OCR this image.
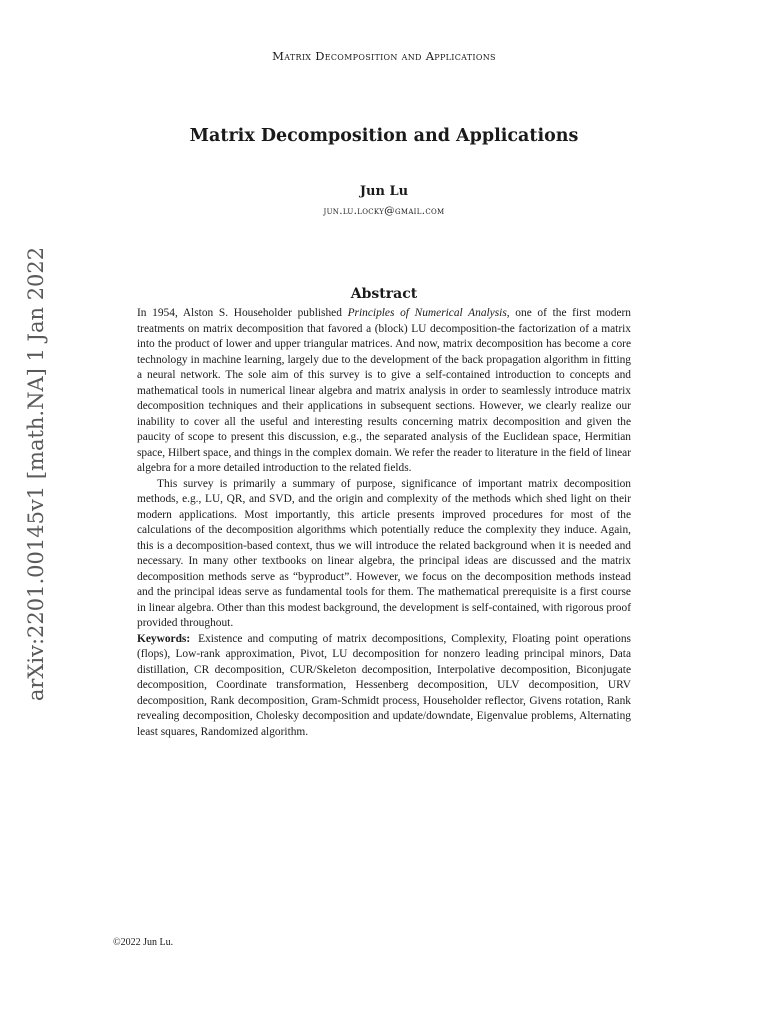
Matrix Decomposition and Applications
arXiv:2201.00145v1 [math.NA] 1 Jan 2022
Matrix Decomposition and Applications
Jun Lu
jun.lu.locky@gmail.com
Abstract

In 1954, Alston S. Householder published Principles of Numerical Analysis, one of the first modern treatments on matrix decomposition that favored a (block) LU decomposition-the factorization of a matrix into the product of lower and upper triangular matrices. And now, matrix decomposition has become a core technology in machine learning, largely due to the development of the back propagation algorithm in fitting a neural network. The sole aim of this survey is to give a self-contained introduction to concepts and mathematical tools in numerical linear algebra and matrix analysis in order to seamlessly introduce matrix decomposition techniques and their applications in subsequent sections. However, we clearly realize our inability to cover all the useful and interesting results concerning matrix decomposition and given the paucity of scope to present this discussion, e.g., the separated analysis of the Euclidean space, Hermitian space, Hilbert space, and things in the complex domain. We refer the reader to literature in the field of linear algebra for a more detailed introduction to the related fields.

This survey is primarily a summary of purpose, significance of important matrix decomposition methods, e.g., LU, QR, and SVD, and the origin and complexity of the methods which shed light on their modern applications. Most importantly, this article presents improved procedures for most of the calculations of the decomposition algorithms which potentially reduce the complexity they induce. Again, this is a decomposition-based context, thus we will introduce the related background when it is needed and necessary. In many other textbooks on linear algebra, the principal ideas are discussed and the matrix decomposition methods serve as “byproduct”. However, we focus on the decomposition methods instead and the principal ideas serve as fundamental tools for them. The mathematical prerequisite is a first course in linear algebra. Other than this modest background, the development is self-contained, with rigorous proof provided throughout.

Keywords: Existence and computing of matrix decompositions, Complexity, Floating point operations (flops), Low-rank approximation, Pivot, LU decomposition for nonzero leading principal minors, Data distillation, CR decomposition, CUR/Skeleton decomposition, Interpolative decomposition, Biconjugate decomposition, Coordinate transformation, Hessenberg decomposition, ULV decomposition, URV decomposition, Rank decomposition, Gram-Schmidt process, Householder reflector, Givens rotation, Rank revealing decomposition, Cholesky decomposition and update/downdate, Eigenvalue problems, Alternating least squares, Randomized algorithm.

©2022 Jun Lu.
